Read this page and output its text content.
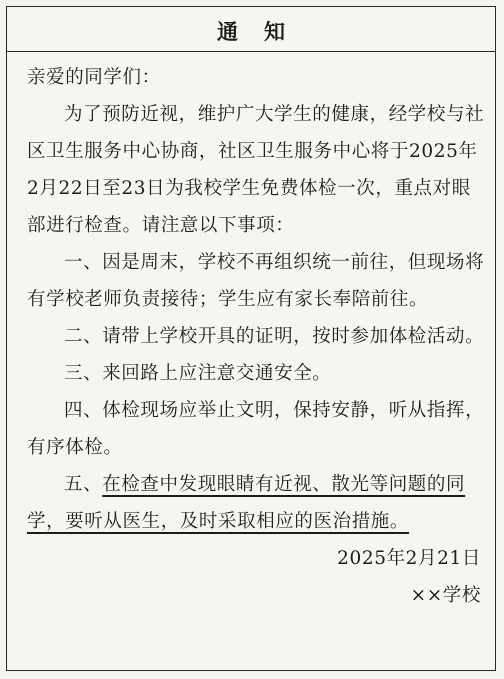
通知

亲爱的同学们：

为了预防近视，维护广大学生的健康，经学校与社区卫生服务中心协商，社区卫生服务中心将于2025年2月22日至23日为我校学生免费体检一次，重点对眼部进行检查。请注意以下事项：

一、因是周末，学校不再组织统一前往，但现场将有学校老师负责接待；学生应有家长奉陪前往。

二、请带上学校开具的证明，按时参加体检活动。

三、来回路上应注意交通安全。

四、体检现场应举止文明，保持安静，听从指挥，有序体检。

五、在检查中发现眼睛有近视、散光等问题的同学，要听从医生，及时采取相应的医治措施。

2025年2月21日

××学校
